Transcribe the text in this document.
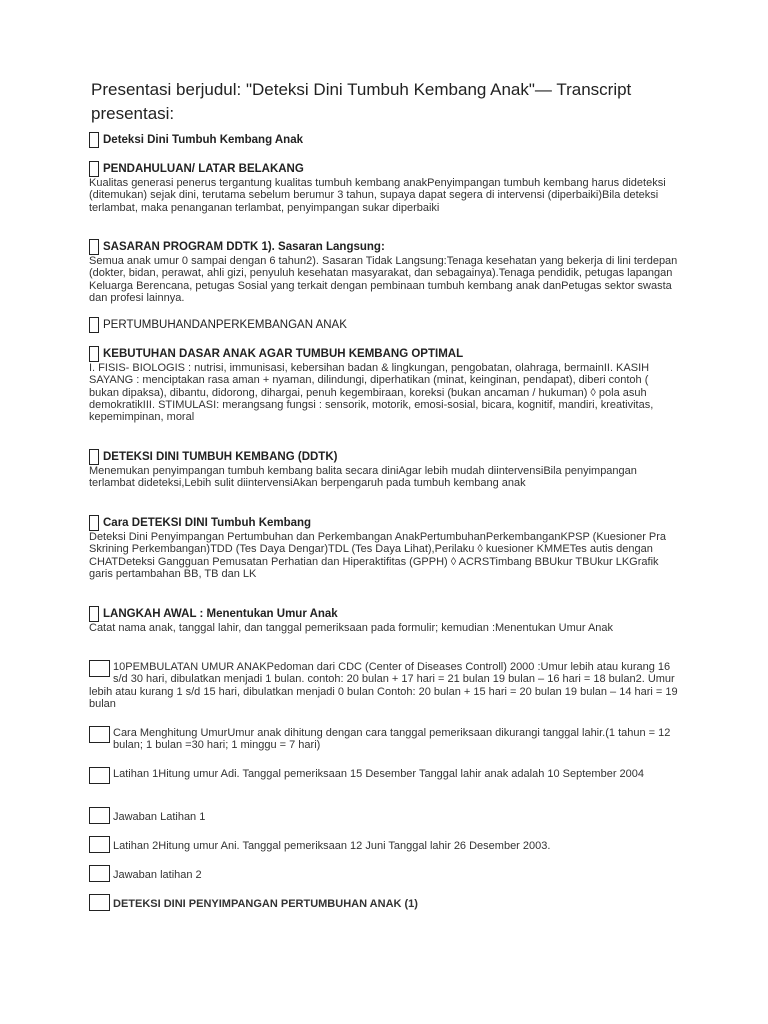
Presentasi berjudul: "Deteksi Dini Tumbuh Kembang Anak"— Transcript presentasi:
Deteksi Dini Tumbuh Kembang Anak
PENDAHULUAN/ LATAR BELAKANG
Kualitas generasi penerus tergantung kualitas tumbuh kembang anakPenyimpangan tumbuh kembang harus dideteksi (ditemukan) sejak dini, terutama sebelum berumur 3 tahun, supaya dapat segera di intervensi (diperbaiki)Bila deteksi terlambat, maka penanganan terlambat, penyimpangan sukar diperbaiki
SASARAN PROGRAM DDTK 1). Sasaran Langsung:
Semua anak umur 0 sampai dengan 6 tahun2). Sasaran Tidak Langsung:Tenaga kesehatan yang bekerja di lini terdepan (dokter, bidan, perawat, ahli gizi, penyuluh kesehatan masyarakat, dan sebagainya).Tenaga pendidik, petugas lapangan Keluarga Berencana, petugas Sosial yang terkait dengan pembinaan tumbuh kembang anak danPetugas sektor swasta dan profesi lainnya.
PERTUMBUHANDANPERKEMBANGAN ANAK
KEBUTUHAN DASAR ANAK AGAR TUMBUH KEMBANG OPTIMAL
I. FISIS- BIOLOGIS : nutrisi, immunisasi, kebersihan badan & lingkungan, pengobatan, olahraga, bermainII. KASIH SAYANG : menciptakan rasa aman + nyaman, dilindungi, diperhatikan (minat, keinginan, pendapat), diberi contoh ( bukan dipaksa), dibantu, didorong, dihargai, penuh kegembiraan, koreksi (bukan ancaman / hukuman) ◊ pola asuh demokratikIII. STIMULASI: merangsang fungsi : sensorik, motorik, emosi-sosial, bicara, kognitif, mandiri, kreativitas, kepemimpinan, moral
DETEKSI DINI TUMBUH KEMBANG (DDTK)
Menemukan penyimpangan tumbuh kembang balita secara diniAgar lebih mudah diintervensiBila penyimpangan terlambat dideteksi,Lebih sulit diintervensiAkan berpengaruh pada tumbuh kembang anak
Cara DETEKSI DINI Tumbuh Kembang
Deteksi Dini Penyimpangan Pertumbuhan dan Perkembangan AnakPertumbuhanPerkembanganKPSP (Kuesioner Pra Skrining Perkembangan)TDD (Tes Daya Dengar)TDL (Tes Daya Lihat),Perilaku ◊ kuesioner KMMETes autis dengan CHATDeteksi Gangguan Pemusatan Perhatian dan Hiperaktifitas (GPPH) ◊ ACRSTimbang BBUkur TBUkur LKGrafik garis pertambahan BB, TB dan LK
LANGKAH AWAL : Menentukan Umur Anak
Catat nama anak, tanggal lahir, dan tanggal pemeriksaan pada formulir; kemudian :Menentukan Umur Anak
10PEMBULATAN UMUR ANAKPedoman dari CDC (Center of Diseases Controll) 2000 :Umur lebih atau kurang 16 s/d 30 hari, dibulatkan menjadi 1 bulan. contoh: 20 bulan + 17 hari = 21 bulan 19 bulan – 16 hari = 18 bulan2. Umur lebih atau kurang 1 s/d 15 hari, dibulatkan menjadi 0 bulan Contoh: 20 bulan + 15 hari = 20 bulan 19 bulan – 14 hari = 19 bulan
Cara Menghitung UmurUmur anak dihitung dengan cara tanggal pemeriksaan dikurangi tanggal lahir.(1 tahun = 12 bulan; 1 bulan =30 hari; 1 minggu = 7 hari)
Latihan 1Hitung umur Adi. Tanggal pemeriksaan 15 Desember Tanggal lahir anak adalah 10 September 2004
Jawaban Latihan 1
Latihan 2Hitung umur Ani. Tanggal pemeriksaan 12 Juni Tanggal lahir 26 Desember 2003.
Jawaban latihan 2
DETEKSI DINI PENYIMPANGAN PERTUMBUHAN ANAK (1)
